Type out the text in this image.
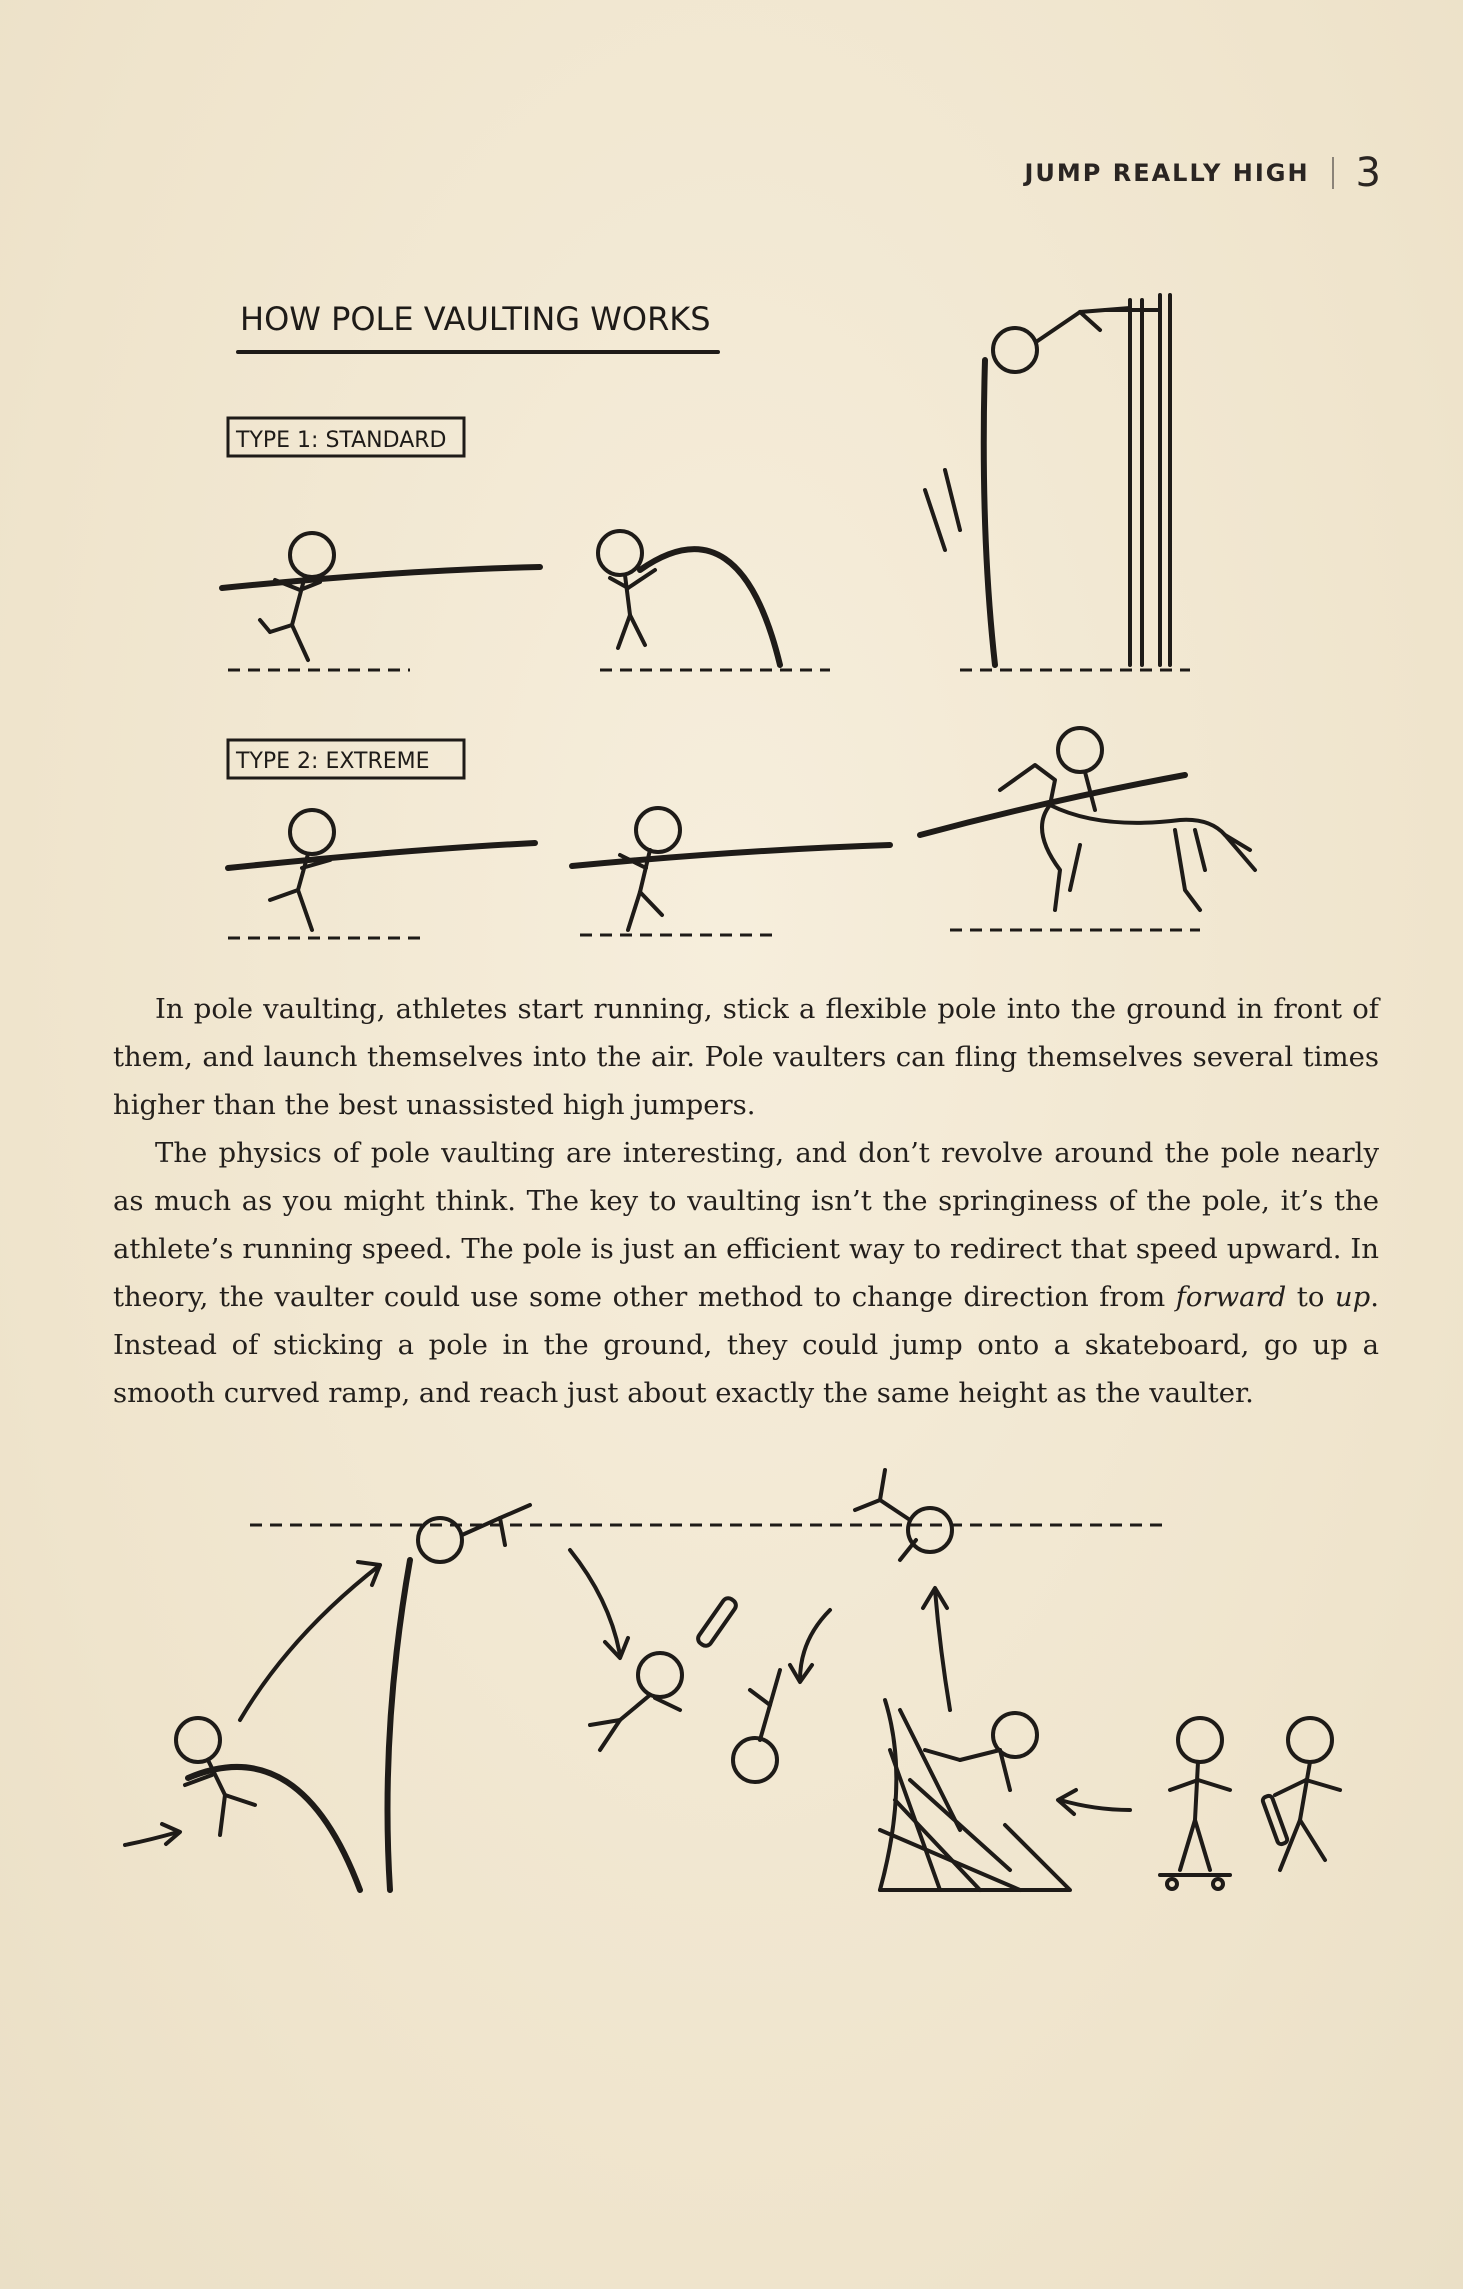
JUMP REALLY HIGH 3
HOW POLE VAULTING WORKS
TYPE 1: STANDARD
TYPE 2: EXTREME

In pole vaulting, athletes start running, stick a flexible pole into the ground in front of them, and launch themselves into the air. Pole vaulters can fling themselves several times higher than the best unassisted high jumpers.

The physics of pole vaulting are interesting, and don’t revolve around the pole nearly as much as you might think. The key to vaulting isn’t the springiness of the pole, it’s the athlete’s running speed. The pole is just an efficient way to redirect that speed upward. In theory, the vaulter could use some other method to change direction from forward to up. Instead of sticking a pole in the ground, they could jump onto a skateboard, go up a smooth curved ramp, and reach just about exactly the same height as the vaulter.
